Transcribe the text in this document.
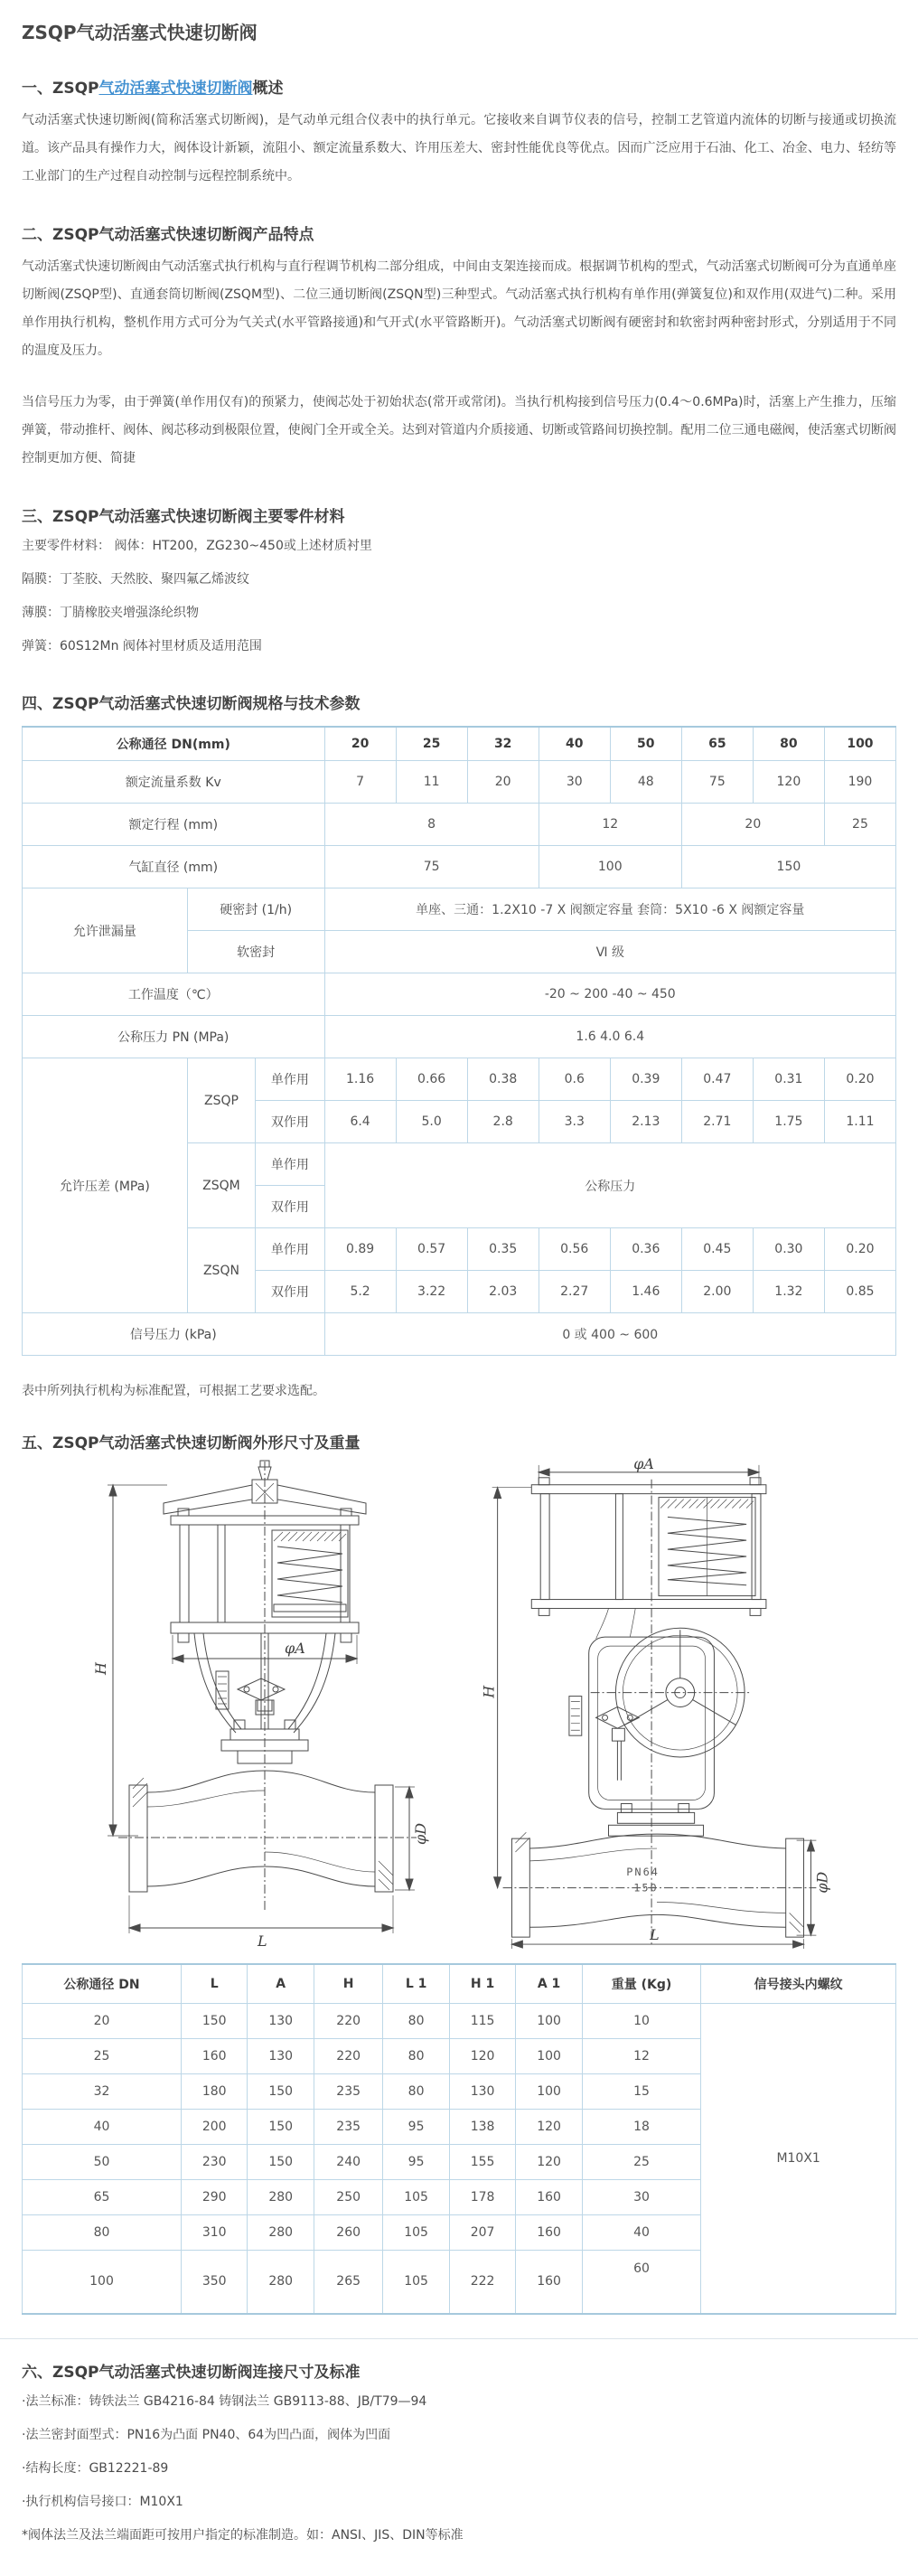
ZSQP气动活塞式快速切断阀
一、ZSQP气动活塞式快速切断阀概述

气动活塞式快速切断阀(简称活塞式切断阀)，是气动单元组合仪表中的执行单元。它接收来自调节仪表的信号，控制工艺管道内流体的切断与接通或切换流道。该产品具有操作力大，阀体设计新颖，流阻小、额定流量系数大、许用压差大、密封性能优良等优点。因而广泛应用于石油、化工、冶金、电力、轻纺等工业部门的生产过程自动控制与远程控制系统中。

二、ZSQP气动活塞式快速切断阀产品特点

气动活塞式快速切断阀由气动活塞式执行机构与直行程调节机构二部分组成，中间由支架连接而成。根据调节机构的型式，气动活塞式切断阀可分为直通单座切断阀(ZSQP型)、直通套筒切断阀(ZSQM型)、二位三通切断阀(ZSQN型)三种型式。气动活塞式执行机构有单作用(弹簧复位)和双作用(双进气)二种。采用单作用执行机构，整机作用方式可分为气关式(水平管路接通)和气开式(水平管路断开)。气动活塞式切断阀有硬密封和软密封两种密封形式，分别适用于不同的温度及压力。

当信号压力为零，由于弹簧(单作用仅有)的预紧力，使阀芯处于初始状态(常开或常闭)。当执行机构接到信号压力(0.4～0.6MPa)时，活塞上产生推力，压缩弹簧，带动推杆、阀体、阀芯移动到极限位置，使阀门全开或全关。达到对管道内介质接通、切断或管路间切换控制。配用二位三通电磁阀，使活塞式切断阀控制更加方便、简捷

三、ZSQP气动活塞式快速切断阀主要零件材料

主要零件材料： 阀体：HT200，ZG230~450或上述材质衬里

隔膜：丁荃胶、天然胶、聚四氟乙烯波纹

薄膜：丁腈橡胶夹增强涤纶织物

弹簧：60S12Mn 阀体衬里材质及适用范围

四、ZSQP气动活塞式快速切断阀规格与技术参数
公称通径 DN(mm)			20	25	32	40	50	65	80	100
额定流量系数 Kv			7	11	20	30	48	75	120	190
额定行程 (mm)			8			12		20		25
气缸直径 (mm)			75			100		150		
允许泄漏量	硬密封 (1/h)		单座、三通：1.2X10 -7 X 阀额定容量 套筒：5X10 -6 X 阀额定容量							
	软密封		Ⅵ 级							
工作温度（℃）			-20 ~ 200 -40 ~ 450							
公称压力 PN (MPa)			1.6 4.0 6.4							
允许压差 (MPa)	ZSQP	单作用	1.16	0.66	0.38	0.6	0.39	0.47	0.31	0.20
		双作用	6.4	5.0	2.8	3.3	2.13	2.71	1.75	1.11
	ZSQM	单作用	公称压力							
		双作用								
	ZSQN	单作用	0.89	0.57	0.35	0.56	0.36	0.45	0.30	0.20
		双作用	5.2	3.22	2.03	2.27	1.46	2.00	1.32	0.85
信号压力 (kPa)			0 或 400 ~ 600							

表中所列执行机构为标准配置，可根据工艺要求选配。

五、ZSQP气动活塞式快速切断阀外形尺寸及重量
H
φA
φD
L
φA
PN64
150
H
φD
L
公称通径 DN	L	A	H	L 1	H 1	A 1	重量 (Kg)	信号接头内螺纹
20	150	130	220	80	115	100	10	M10X1
25	160	130	220	80	120	100	12	
32	180	150	235	80	130	100	15	
40	200	150	235	95	138	120	18	
50	230	150	240	95	155	120	25	
65	290	280	250	105	178	160	30	
80	310	280	260	105	207	160	40	
100	350	280	265	105	222	160	60	
六、ZSQP气动活塞式快速切断阀连接尺寸及标准

·法兰标准：铸铁法兰 GB4216-84 铸钢法兰 GB9113-88、JB/T79—94

·法兰密封面型式：PN16为凸面 PN40、64为凹凸面，阀体为凹面

·结构长度：GB12221-89

·执行机构信号接口：M10X1

*阀体法兰及法兰端面距可按用户指定的标准制造。如：ANSI、JIS、DIN等标准
